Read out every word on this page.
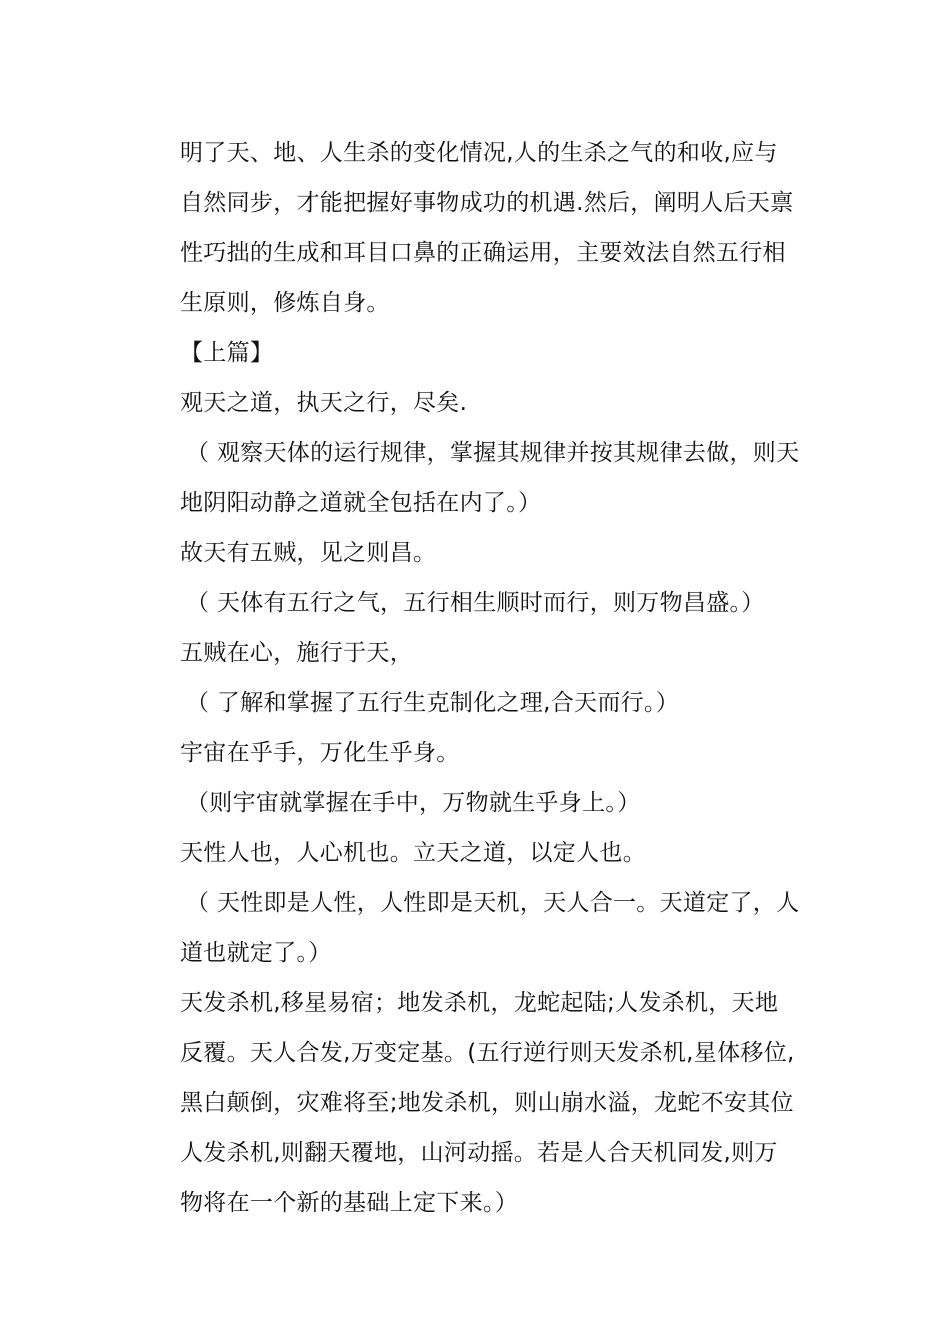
明了天、地、人生杀的变化情况,人的生杀之气的和收,应与
自然同步，才能把握好事物成功的机遇.然后，阐明人后天禀
性巧拙的生成和耳目口鼻的正确运用，主要效法自然五行相
生原则，修炼自身。
【上篇】
观天之道，执天之行，尽矣.
（ 观察天体的运行规律，掌握其规律并按其规律去做，则天
地阴阳动静之道就全包括在内了。）
故天有五贼，见之则昌。
（ 天体有五行之气，五行相生顺时而行，则万物昌盛。）
五贼在心，施行于天，
（ 了解和掌握了五行生克制化之理,合天而行。）
宇宙在乎手，万化生乎身。
（则宇宙就掌握在手中，万物就生乎身上。）
天性人也，人心机也。立天之道，以定人也。
（ 天性即是人性，人性即是天机，天人合一。天道定了，人
道也就定了。）
天发杀机,移星易宿；地发杀机，龙蛇起陆;人发杀机，天地
反覆。天人合发,万变定基。(五行逆行则天发杀机,星体移位,
黑白颠倒，灾难将至;地发杀机，则山崩水溢，龙蛇不安其位
人发杀机,则翻天覆地，山河动摇。若是人合天机同发,则万
物将在一个新的基础上定下来。）
